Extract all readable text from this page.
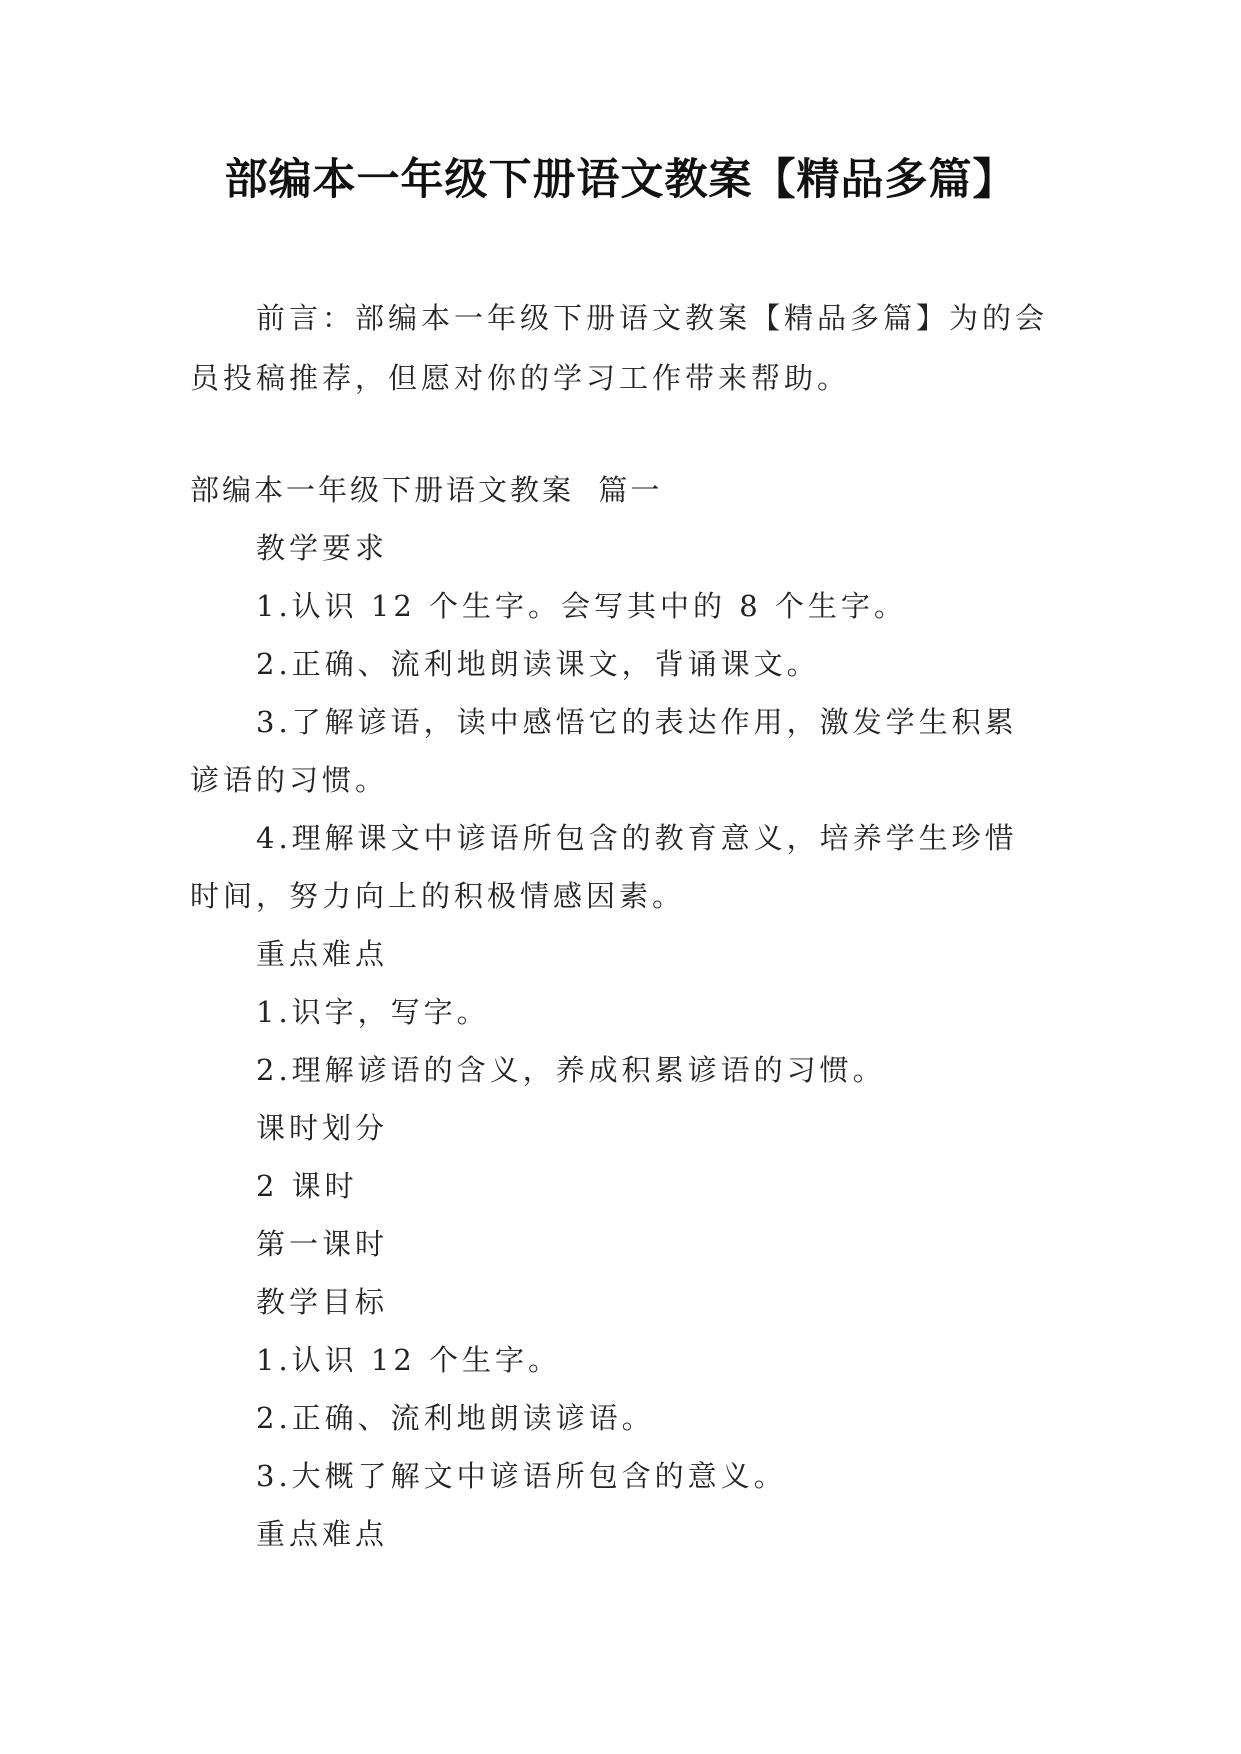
部编本一年级下册语文教案【精品多篇】
前言：部编本一年级下册语文教案【精品多篇】为的会员投稿推荐，但愿对你的学习工作带来帮助。
部编本一年级下册语文教案  篇一
教学要求
1.认识 12 个生字。会写其中的 8 个生字。
2.正确、流利地朗读课文，背诵课文。
3.了解谚语，读中感悟它的表达作用，激发学生积累谚语的习惯。
4.理解课文中谚语所包含的教育意义，培养学生珍惜时间，努力向上的积极情感因素。
重点难点
1.识字，写字。
2.理解谚语的含义，养成积累谚语的习惯。
课时划分
2 课时
第一课时
教学目标
1.认识 12 个生字。
2.正确、流利地朗读谚语。
3.大概了解文中谚语所包含的意义。
重点难点
